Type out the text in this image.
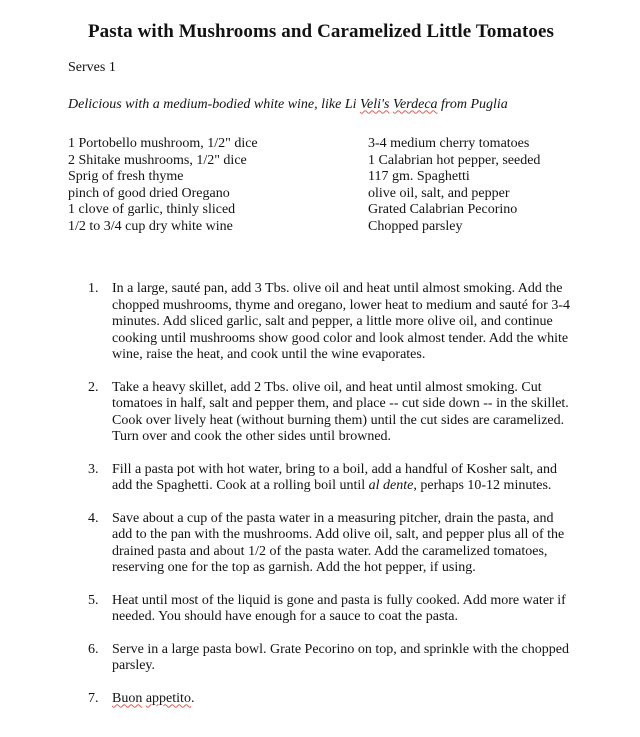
Pasta with Mushrooms and Caramelized Little Tomatoes
Serves 1
Delicious with a medium-bodied white wine, like Li Veli's Verdeca from Puglia
1 Portobello mushroom, 1/2" dice
2 Shitake mushrooms, 1/2" dice
Sprig of fresh thyme
pinch of good dried Oregano
1 clove of garlic, thinly sliced
1/2 to 3/4 cup dry white wine
3-4 medium cherry tomatoes
1 Calabrian hot pepper, seeded
117 gm. Spaghetti
olive oil, salt, and pepper
Grated Calabrian Pecorino
Chopped parsley
1. In a large, sauté pan, add 3 Tbs. olive oil and heat until almost smoking. Add the chopped mushrooms, thyme and oregano, lower heat to medium and sauté for 3-4 minutes. Add sliced garlic, salt and pepper, a little more olive oil, and continue cooking until mushrooms show good color and look almost tender. Add the white wine, raise the heat, and cook until the wine evaporates.
2. Take a heavy skillet, add 2 Tbs. olive oil, and heat until almost smoking. Cut tomatoes in half, salt and pepper them, and place -- cut side down -- in the skillet. Cook over lively heat (without burning them) until the cut sides are caramelized. Turn over and cook the other sides until browned.
3. Fill a pasta pot with hot water, bring to a boil, add a handful of Kosher salt, and add the Spaghetti. Cook at a rolling boil until al dente, perhaps 10-12 minutes.
4. Save about a cup of the pasta water in a measuring pitcher, drain the pasta, and add to the pan with the mushrooms. Add olive oil, salt, and pepper plus all of the drained pasta and about 1/2 of the pasta water. Add the caramelized tomatoes, reserving one for the top as garnish. Add the hot pepper, if using.
5. Heat until most of the liquid is gone and pasta is fully cooked. Add more water if needed. You should have enough for a sauce to coat the pasta.
6. Serve in a large pasta bowl. Grate Pecorino on top, and sprinkle with the chopped parsley.
7. Buon appetito.
